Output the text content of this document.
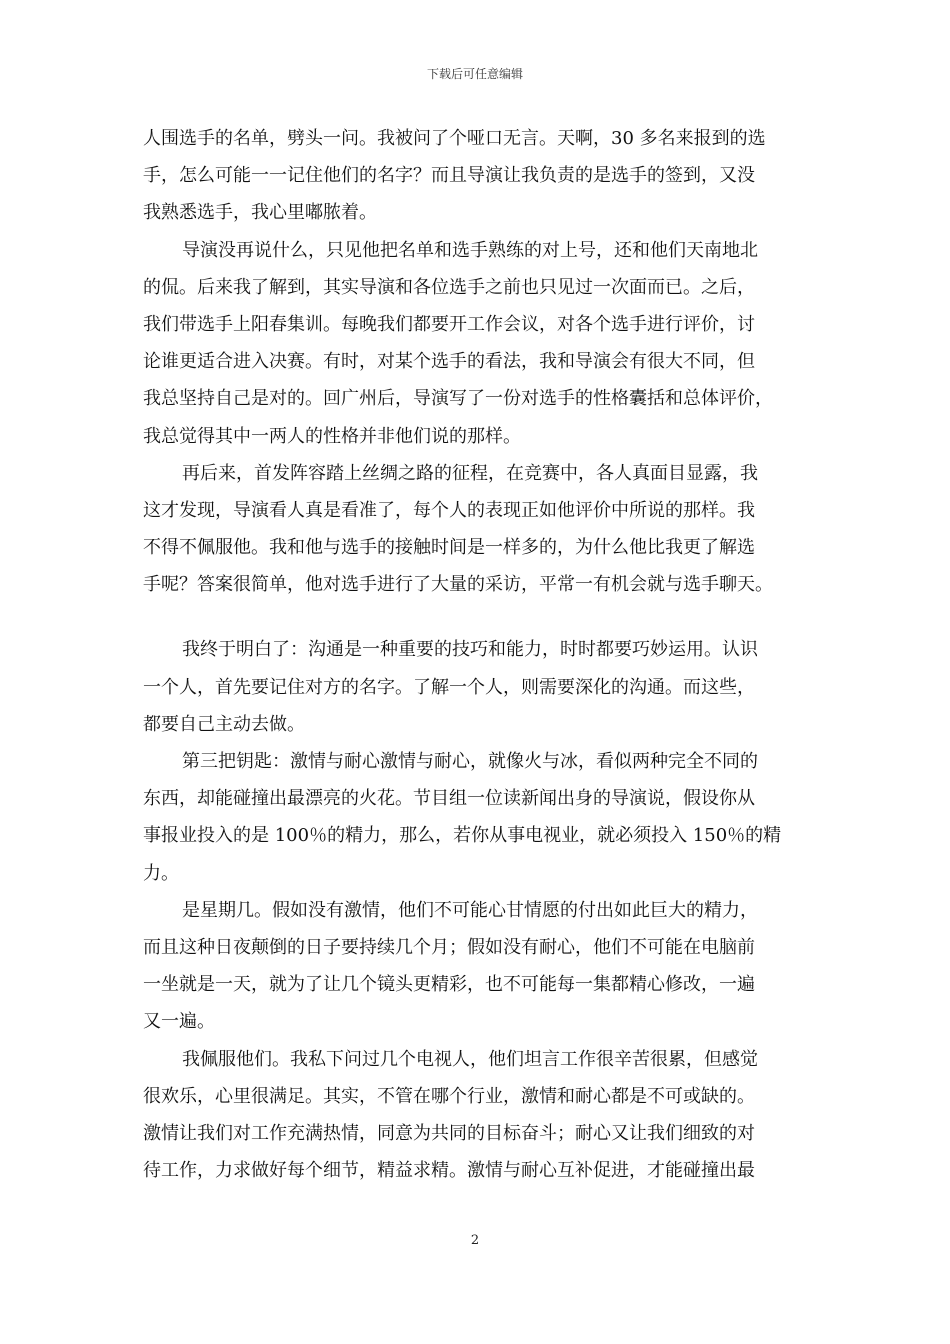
下载后可任意编辑
人围选手的名单，劈头一问。我被问了个哑口无言。天啊，30 多名来报到的选
手，怎么可能一一记住他们的名字？而且导演让我负责的是选手的签到，又没
我熟悉选手，我心里嘟脓着。
导演没再说什么，只见他把名单和选手熟练的对上号，还和他们天南地北
的侃。后来我了解到，其实导演和各位选手之前也只见过一次面而已。之后，
我们带选手上阳春集训。每晚我们都要开工作会议，对各个选手进行评价，讨
论谁更适合进入决赛。有时，对某个选手的看法，我和导演会有很大不同，但
我总坚持自己是对的。回广州后，导演写了一份对选手的性格囊括和总体评价，
我总觉得其中一两人的性格并非他们说的那样。
再后来，首发阵容踏上丝绸之路的征程，在竞赛中，各人真面目显露，我
这才发现，导演看人真是看准了，每个人的表现正如他评价中所说的那样。我
不得不佩服他。我和他与选手的接触时间是一样多的，为什么他比我更了解选
手呢？答案很简单，他对选手进行了大量的采访，平常一有机会就与选手聊天。
我终于明白了：沟通是一种重要的技巧和能力，时时都要巧妙运用。认识
一个人，首先要记住对方的名字。了解一个人，则需要深化的沟通。而这些，
都要自己主动去做。
第三把钥匙：激情与耐心激情与耐心，就像火与冰，看似两种完全不同的
东西，却能碰撞出最漂亮的火花。节目组一位读新闻出身的导演说，假设你从
事报业投入的是 100％的精力，那么，若你从事电视业，就必须投入 150％的精
力。
是星期几。假如没有激情，他们不可能心甘情愿的付出如此巨大的精力，
而且这种日夜颠倒的日子要持续几个月；假如没有耐心，他们不可能在电脑前
一坐就是一天，就为了让几个镜头更精彩，也不可能每一集都精心修改，一遍
又一遍。
我佩服他们。我私下问过几个电视人，他们坦言工作很辛苦很累，但感觉
很欢乐，心里很满足。其实，不管在哪个行业，激情和耐心都是不可或缺的。
激情让我们对工作充满热情，同意为共同的目标奋斗；耐心又让我们细致的对
待工作，力求做好每个细节，精益求精。激情与耐心互补促进，才能碰撞出最
2
